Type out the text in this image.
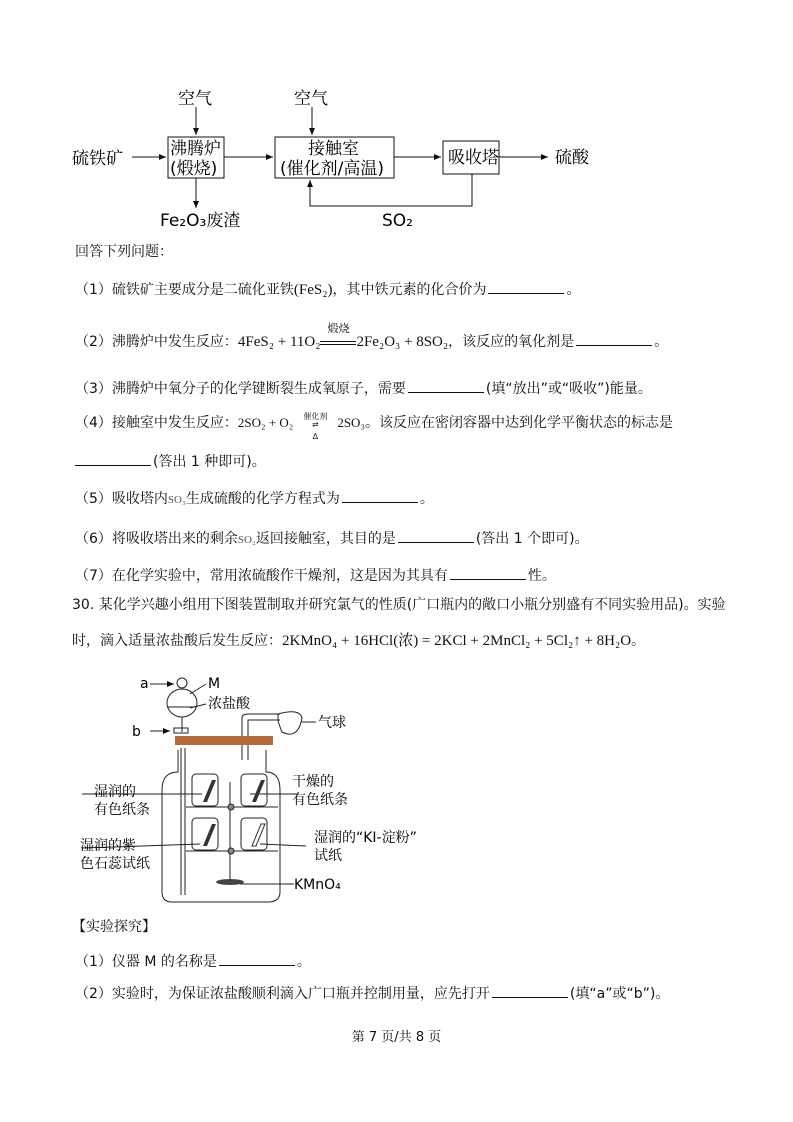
空气	空气
硫铁矿	沸腾炉
(煅烧)
接触室
(催化剂/高温)
吸收塔	硫酸
Fe₂O₃废渣	SO₂
回答下列问题：
（1）硫铁矿主要成分是二硫化亚铁(FeS₂)，其中铁元素的化合价为	。
（2）沸腾炉中发生反应：4FeS₂ + 11O₂
煅烧
2Fe₂O₃ + 8SO₂，该反应的氧化剂是	。
（3）沸腾炉中氧分子的化学键断裂生成氧原子，需要	(填“放出”或“吸收”)能量。
（4）接触室中发生反应：2SO₂ + O₂	催化剂
⇌
Δ
2SO₃。该反应在密闭容器中达到化学平衡状态的标志是
(答出 1 种即可)。
（5）吸收塔内SO₃生成硫酸的化学方程式为	。
（6）将吸收塔出来的剩余SO₂返回接触室，其目的是	(答出 1 个即可)。
（7）在化学实验中，常用浓硫酸作干燥剂，这是因为其具有	性。
30. 某化学兴趣小组用下图装置制取并研究氯气的性质(广口瓶内的敞口小瓶分别盛有不同实验用品)。实验
时，滴入适量浓盐酸后发生反应：2KMnO₄ + 16HCl(浓) = 2KCl + 2MnCl₂ + 5Cl₂↑ + 8H₂O。
a
b
M
浓盐酸
气球
湿润的
有色纸条
干燥的
有色纸条
湿润的紫
色石蕊试纸
湿润的“KI-淀粉”
试纸
KMnO₄
【实验探究】
（1）仪器 M 的名称是	。
（2）实验时，为保证浓盐酸顺利滴入广口瓶并控制用量，应先打开	(填“a”或“b”)。
第 7 页/共 8 页
